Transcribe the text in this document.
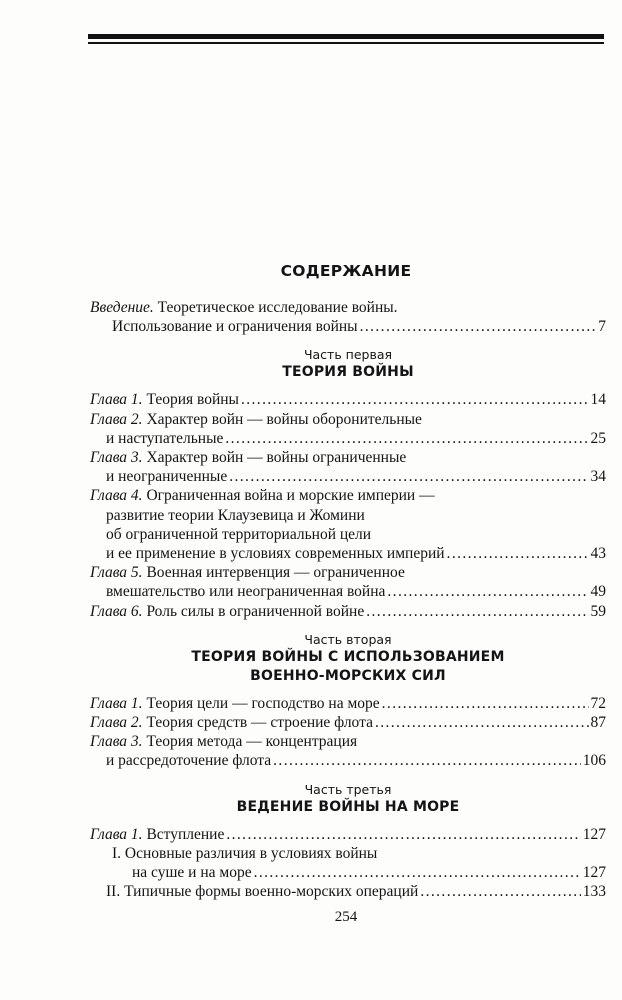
СОДЕРЖАНИЕ
Введение. Теоретическое исследование войны.
Использование и ограничения войны .....	7
Часть первая
ТЕОРИЯ ВОЙНЫ
Глава 1. Теория войны .....	14
Глава 2. Характер войн — войны оборонительные
и наступательные .....	25
Глава 3. Характер войн — войны ограниченные
и неограниченные .....	34
Глава 4. Ограниченная война и морские империи —
развитие теории Клаузевица и Жомини
об ограниченной территориальной цели
и ее применение в условиях современных империй .....	43
Глава 5. Военная интервенция — ограниченное
вмешательство или неограниченная война .....	49
Глава 6. Роль силы в ограниченной войне .....	59
Часть вторая
ТЕОРИЯ ВОЙНЫ С ИСПОЛЬЗОВАНИЕМ
ВОЕННО-МОРСКИХ СИЛ
Глава 1. Теория цели — господство на море .....	72
Глава 2. Теория средств — строение флота .....	87
Глава 3. Теория метода — концентрация
и рассредоточение флота .....	106
Часть третья
ВЕДЕНИЕ ВОЙНЫ НА МОРЕ
Глава 1. Вступление .....	127
I. Основные различия в условиях войны
на суше и на море .....	127
II. Типичные формы военно-морских операций .....	133
254
